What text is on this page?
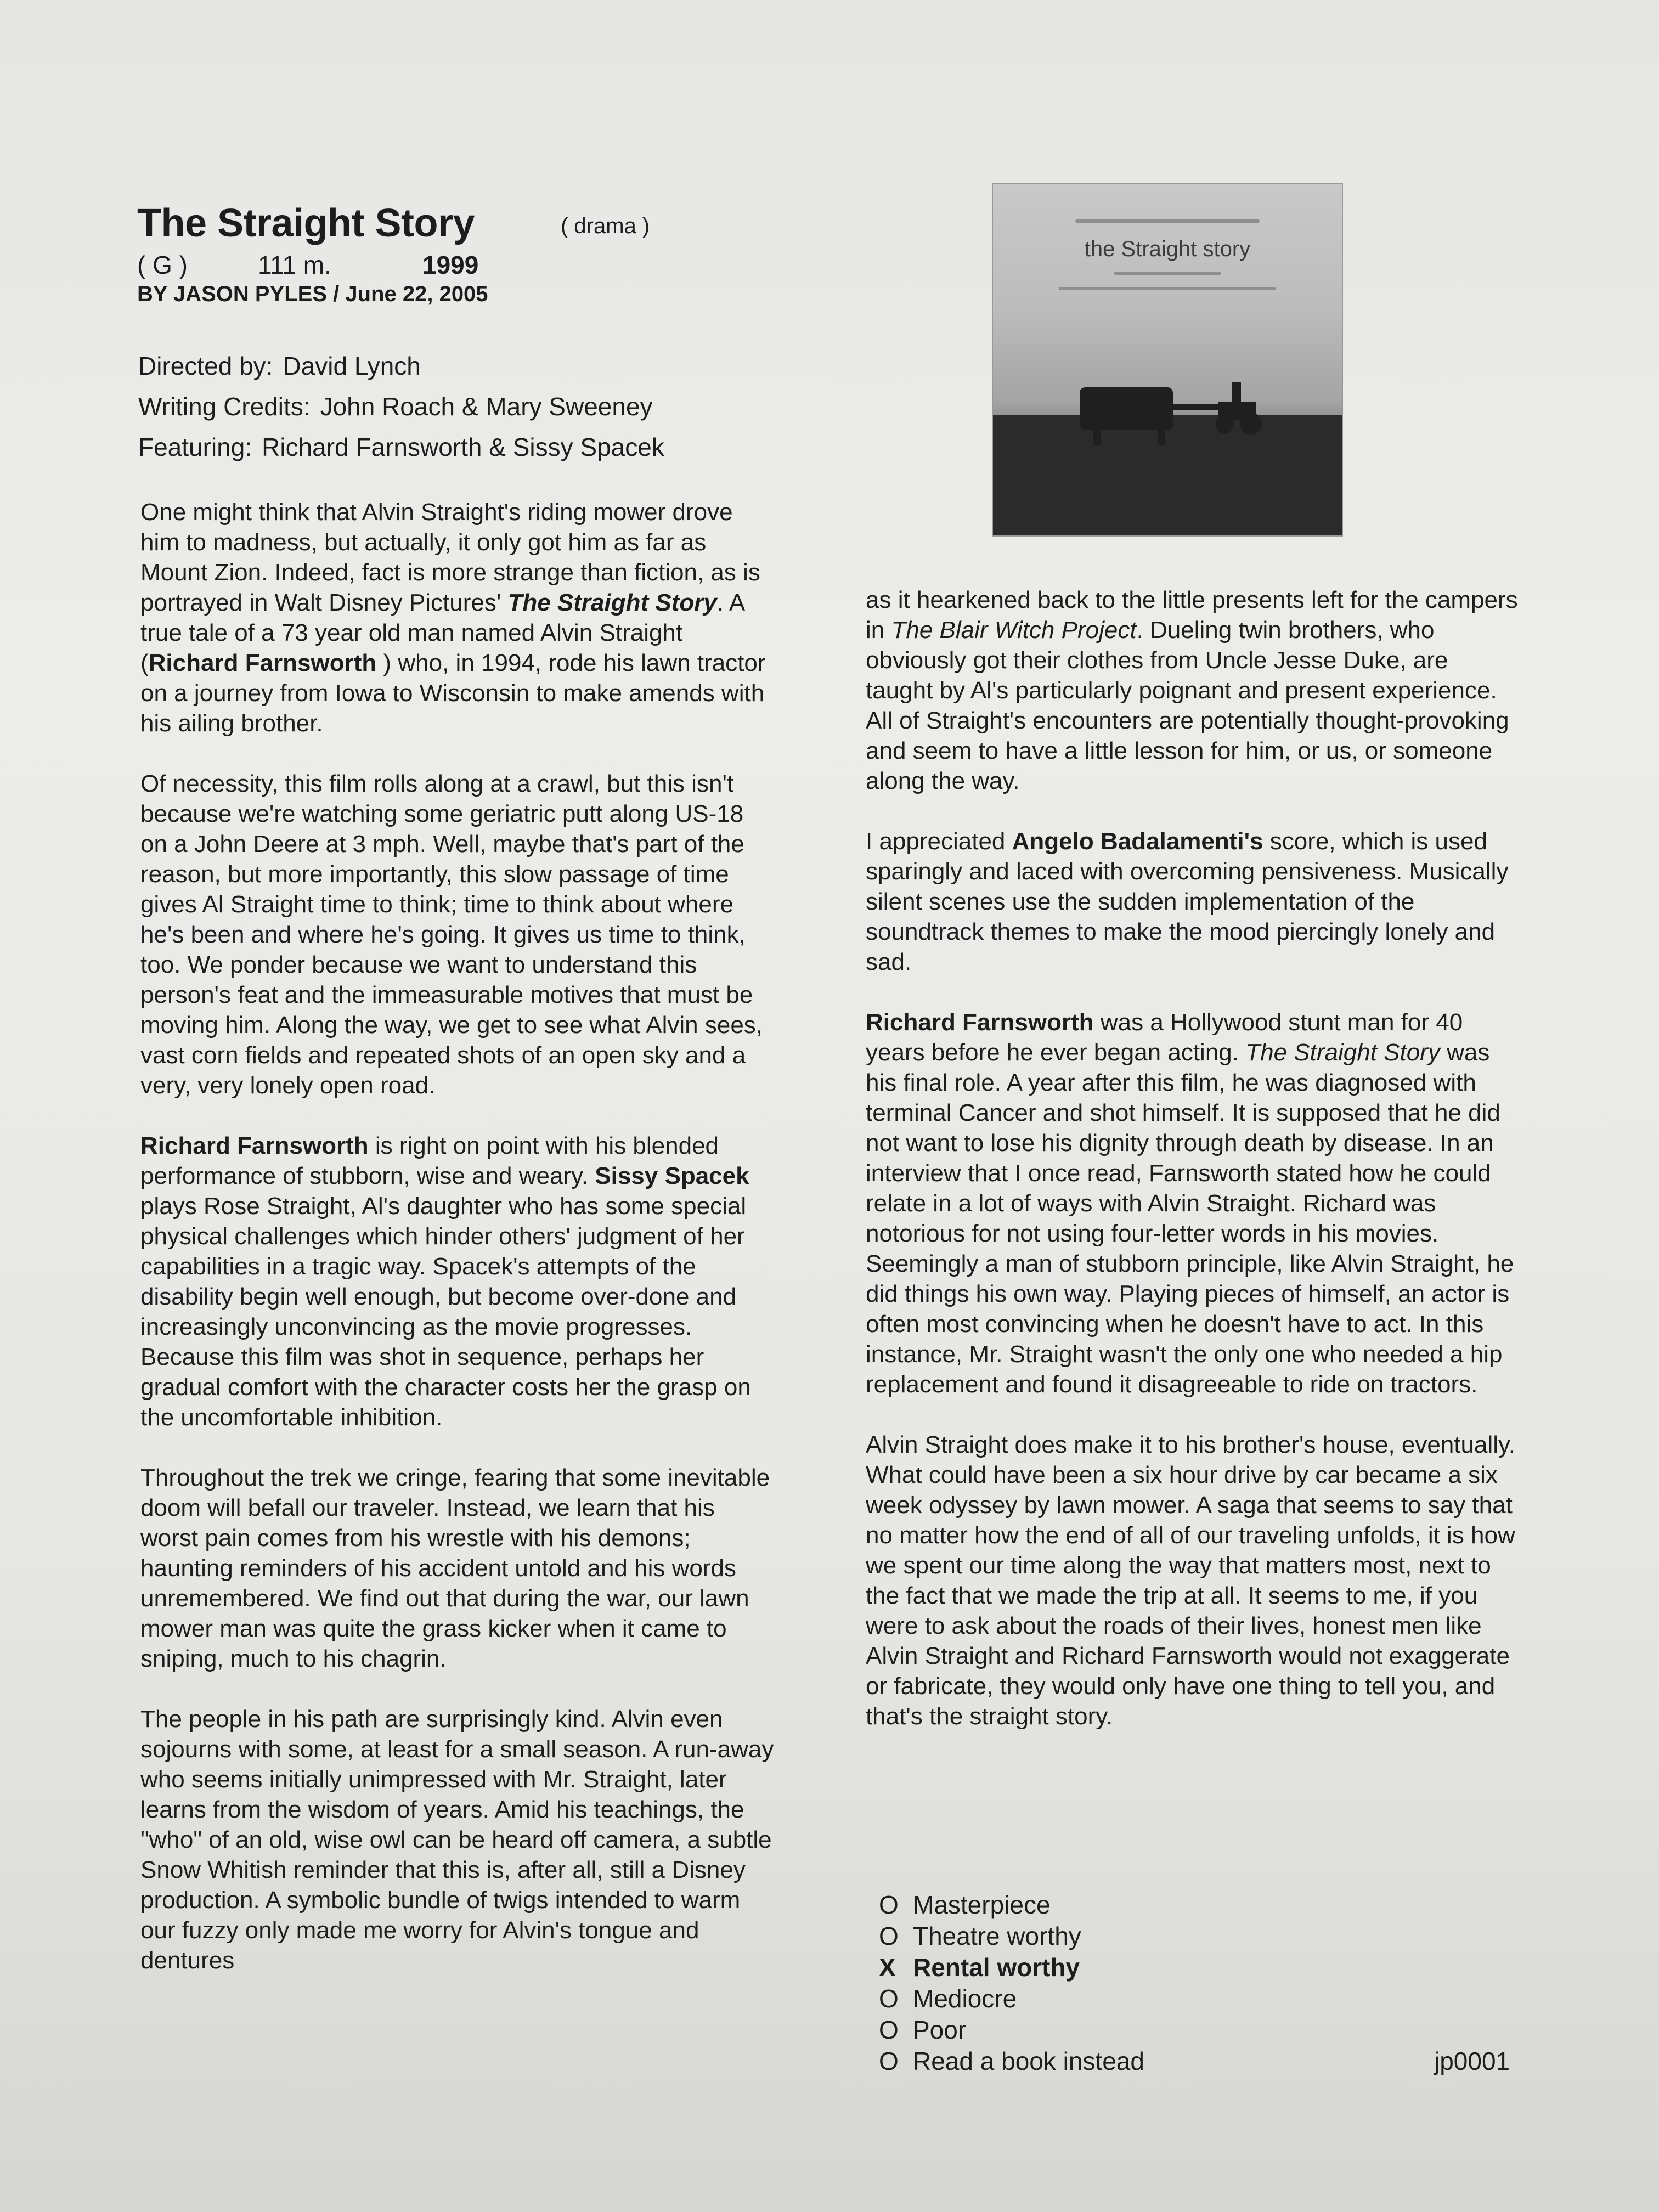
The Straight Story	( drama )
( G )	111 m.	1999
BY JASON PYLES / June 22, 2005
Directed by: David Lynch
Writing Credits: John Roach & Mary Sweeney
Featuring: Richard Farnsworth & Sissy Spacek
the Straight story

One might think that Alvin Straight's riding mower drove him to madness, but actually, it only got him as far as Mount Zion. Indeed, fact is more strange than fiction, as is portrayed in Walt Disney Pictures' The Straight Story. A true tale of a 73 year old man named Alvin Straight (Richard Farnsworth ) who, in 1994, rode his lawn tractor on a journey from Iowa to Wisconsin to make amends with his ailing brother.

Of necessity, this film rolls along at a crawl, but this isn't because we're watching some geriatric putt along US-18 on a John Deere at 3 mph. Well, maybe that's part of the reason, but more importantly, this slow passage of time gives Al Straight time to think; time to think about where he's been and where he's going. It gives us time to think, too. We ponder because we want to understand this person's feat and the immeasurable motives that must be moving him. Along the way, we get to see what Alvin sees, vast corn fields and repeated shots of an open sky and a very, very lonely open road.

Richard Farnsworth is right on point with his blended performance of stubborn, wise and weary. Sissy Spacek plays Rose Straight, Al's daughter who has some special physical challenges which hinder others' judgment of her capabilities in a tragic way. Spacek's attempts of the disability begin well enough, but become over-done and increasingly unconvincing as the movie progresses. Because this film was shot in sequence, perhaps her gradual comfort with the character costs her the grasp on the uncomfortable inhibition.

Throughout the trek we cringe, fearing that some inevitable doom will befall our traveler. Instead, we learn that his worst pain comes from his wrestle with his demons; haunting reminders of his accident untold and his words unremembered. We find out that during the war, our lawn mower man was quite the grass kicker when it came to sniping, much to his chagrin.

The people in his path are surprisingly kind. Alvin even sojourns with some, at least for a small season. A run-away who seems initially unimpressed with Mr. Straight, later learns from the wisdom of years. Amid his teachings, the "who" of an old, wise owl can be heard off camera, a subtle Snow Whitish reminder that this is, after all, still a Disney production. A symbolic bundle of twigs intended to warm our fuzzy only made me worry for Alvin's tongue and dentures

as it hearkened back to the little presents left for the campers in The Blair Witch Project. Dueling twin brothers, who obviously got their clothes from Uncle Jesse Duke, are taught by Al's particularly poignant and present experience. All of Straight's encounters are potentially thought-provoking and seem to have a little lesson for him, or us, or someone along the way.

I appreciated Angelo Badalamenti's score, which is used sparingly and laced with overcoming pensiveness. Musically silent scenes use the sudden implementation of the soundtrack themes to make the mood piercingly lonely and sad.

Richard Farnsworth was a Hollywood stunt man for 40 years before he ever began acting. The Straight Story was his final role. A year after this film, he was diagnosed with terminal Cancer and shot himself. It is supposed that he did not want to lose his dignity through death by disease. In an interview that I once read, Farnsworth stated how he could relate in a lot of ways with Alvin Straight. Richard was notorious for not using four-letter words in his movies. Seemingly a man of stubborn principle, like Alvin Straight, he did things his own way. Playing pieces of himself, an actor is often most convincing when he doesn't have to act. In this instance, Mr. Straight wasn't the only one who needed a hip replacement and found it disagreeable to ride on tractors.

Alvin Straight does make it to his brother's house, eventually. What could have been a six hour drive by car became a six week odyssey by lawn mower. A saga that seems to say that no matter how the end of all of our traveling unfolds, it is how we spent our time along the way that matters most, next to the fact that we made the trip at all. It seems to me, if you were to ask about the roads of their lives, honest men like Alvin Straight and Richard Farnsworth would not exaggerate or fabricate, they would only have one thing to tell you, and that's the straight story.

O Masterpiece
O Theatre worthy
X Rental worthy
O Mediocre
O Poor
O Read a book instead	jp0001
